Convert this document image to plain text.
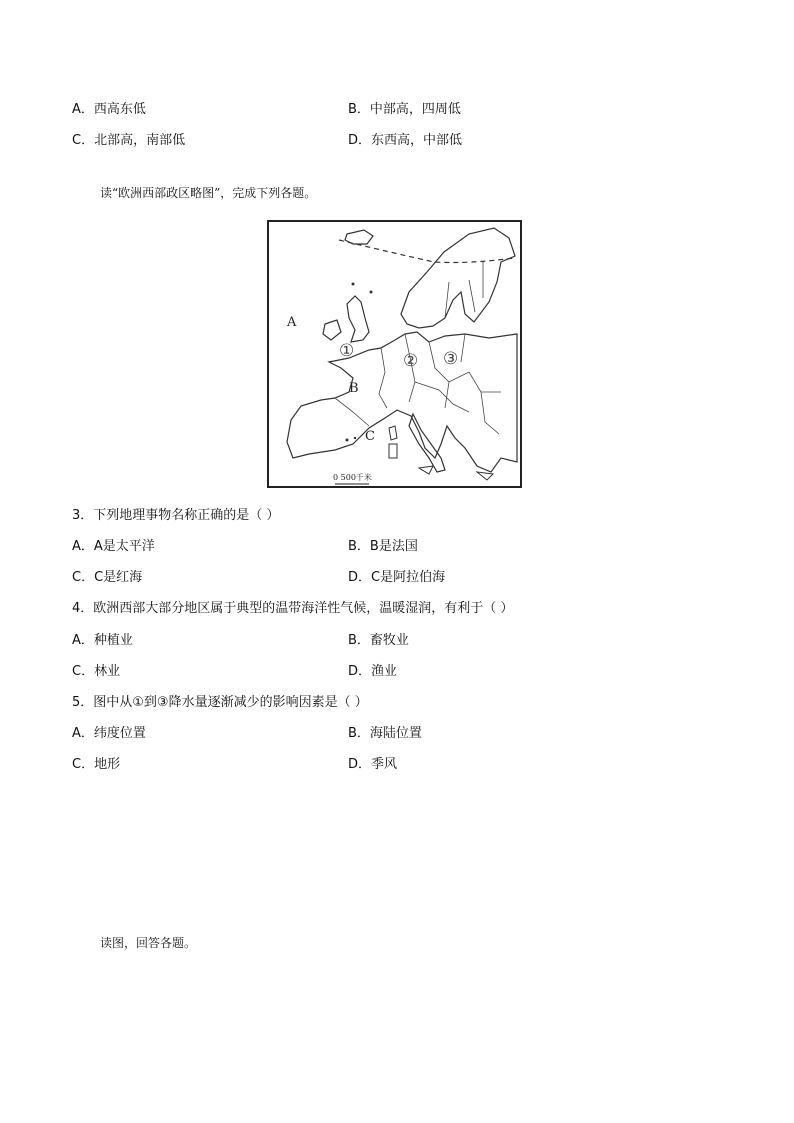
A．西高东低	B．中部高，四周低
C．北部高，南部低	D．东西高，中部低
读“欧洲西部政区略图”，完成下列各题。
A
B
C
①	② ③
0 500千米
3．下列地理事物名称正确的是（ ）
A．A是太平洋	B．B是法国
C．C是红海	D．C是阿拉伯海
4．欧洲西部大部分地区属于典型的温带海洋性气候，温暖湿润，有利于（ ）
A．种植业	B．畜牧业
C．林业	D．渔业
5．图中从①到③降水量逐渐减少的影响因素是（ ）
A．纬度位置	B．海陆位置
C．地形	D．季风
读图，回答各题。
